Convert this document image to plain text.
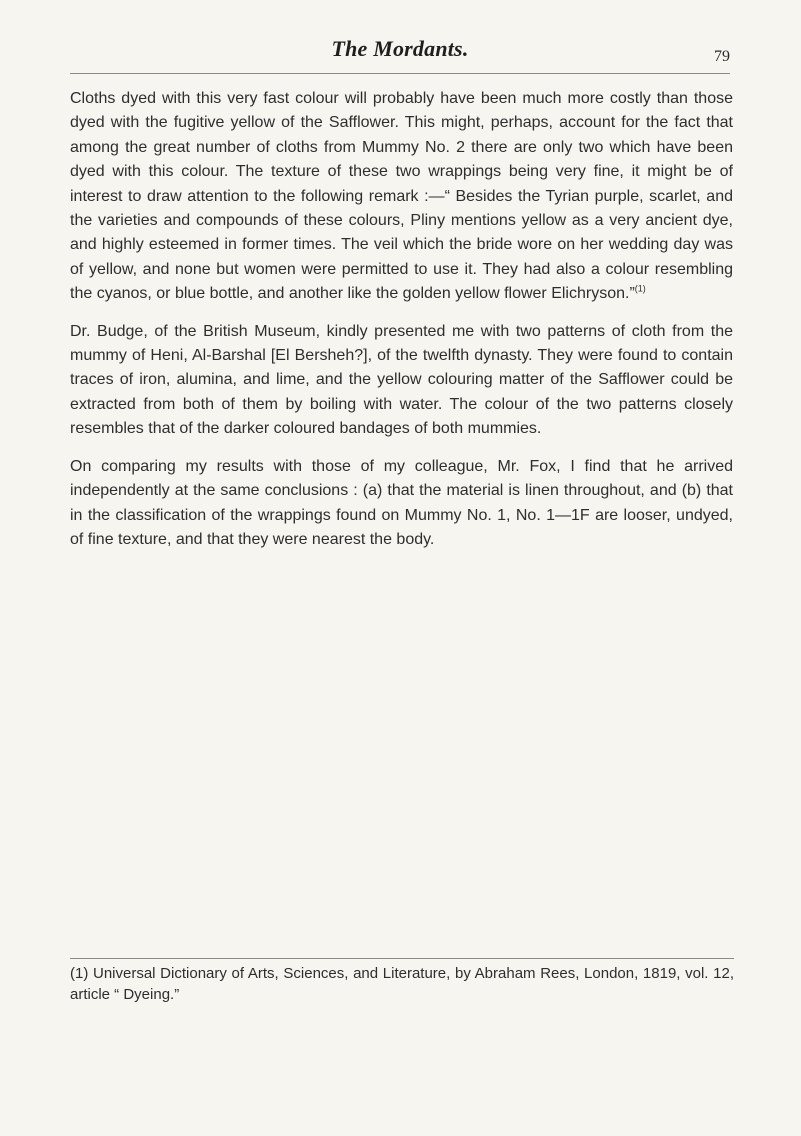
The Mordants.	79

Cloths dyed with this very fast colour will probably have been much more costly than those dyed with the fugitive yellow of the Safflower. This might, perhaps, account for the fact that among the great number of cloths from Mummy No. 2 there are only two which have been dyed with this colour. The texture of these two wrappings being very fine, it might be of interest to draw attention to the following remark :—“ Besides the Tyrian purple, scarlet, and the varieties and compounds of these colours, Pliny mentions yellow as a very ancient dye, and highly esteemed in former times. The veil which the bride wore on her wedding day was of yellow, and none but women were permitted to use it. They had also a colour resembling the cyanos, or blue bottle, and another like the golden yellow flower Elichryson.”$^{(1)}$

Dr. Budge, of the British Museum, kindly presented me with two patterns of cloth from the mummy of Heni, Al-Barshal [El Bersheh?], of the twelfth dynasty. They were found to contain traces of iron, alumina, and lime, and the yellow colouring matter of the Safflower could be extracted from both of them by boiling with water. The colour of the two patterns closely resembles that of the darker coloured bandages of both mummies.

On comparing my results with those of my colleague, Mr. Fox, I find that he arrived independently at the same conclusions : (a) that the material is linen throughout, and (b) that in the classification of the wrappings found on Mummy No. 1, No. 1—1F are looser, undyed, of fine texture, and that they were nearest the body.

(1) Universal Dictionary of Arts, Sciences, and Literature, by Abraham Rees, London, 1819, vol. 12, article “ Dyeing.”
